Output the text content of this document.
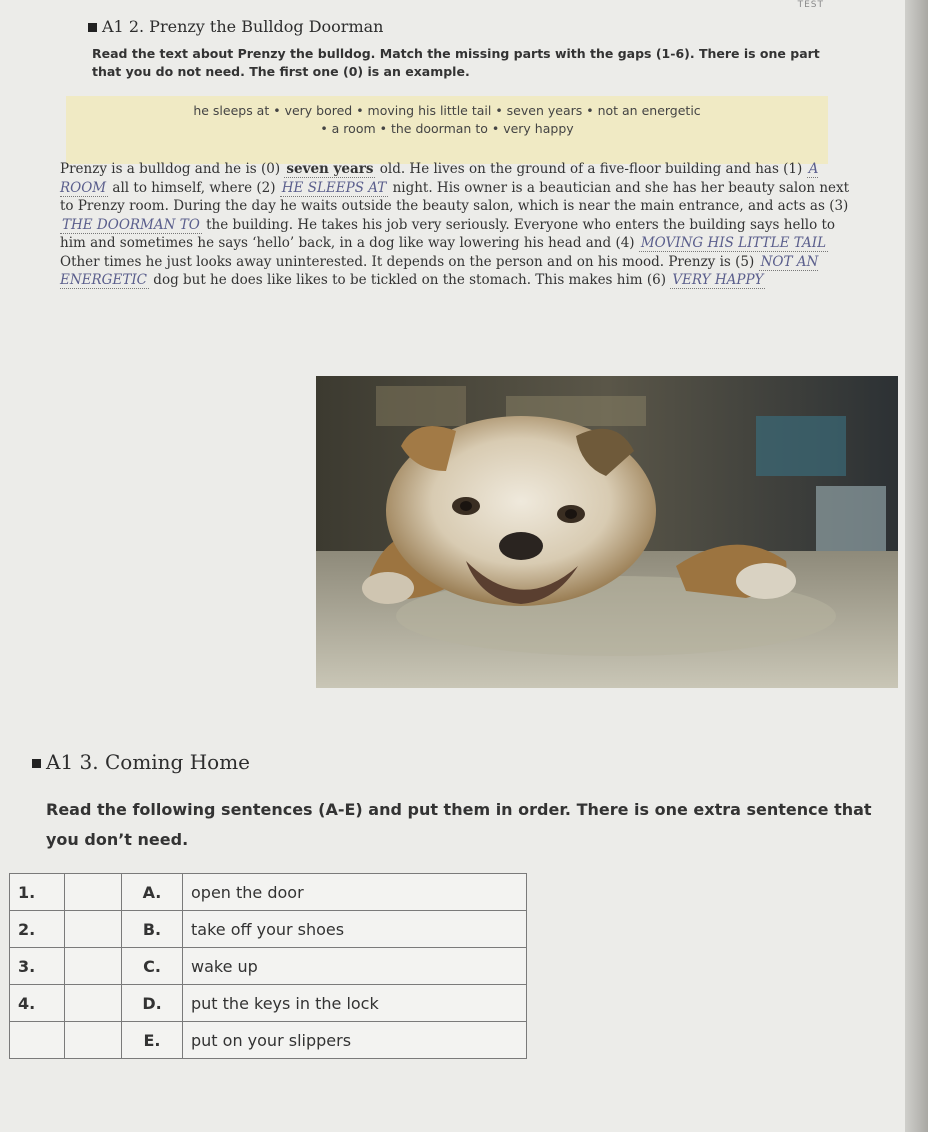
TEST
A1 2. Prenzy the Bulldog Doorman
Read the text about Prenzy the bulldog. Match the missing parts with the gaps (1-6). There is one part that you do not need. The first one (0) is an example.
he sleeps at • very bored • moving his little tail • seven years • not an energetic
• a room • the doorman to • very happy

Prenzy is a bulldog and he is (0) seven years old. He lives on the ground of a five-floor building and has (1) A ROOM all to himself, where (2) HE SLEEPS AT night. His owner is a beautician and she has her beauty salon next to Prenzy room. During the day he waits outside the beauty salon, which is near the main entrance, and acts as (3) THE DOORMAN TO the building. He takes his job very seriously. Everyone who enters the building says hello to him and sometimes he says ‘hello’ back, in a dog like way lowering his head and (4) MOVING HIS LITTLE TAIL Other times he just looks away uninterested. It depends on the person and on his mood. Prenzy is (5) NOT AN ENERGETIC dog but he does like likes to be tickled on the stomach. This makes him (6) VERY HAPPY

A1 3. Coming Home
Read the following sentences (A-E) and put them in order. There is one extra sentence that you don’t need.
1.		A.	open the door
2.		B.	take off your shoes
3.		C.	wake up
4.		D.	put the keys in the lock
		E.	put on your slippers
